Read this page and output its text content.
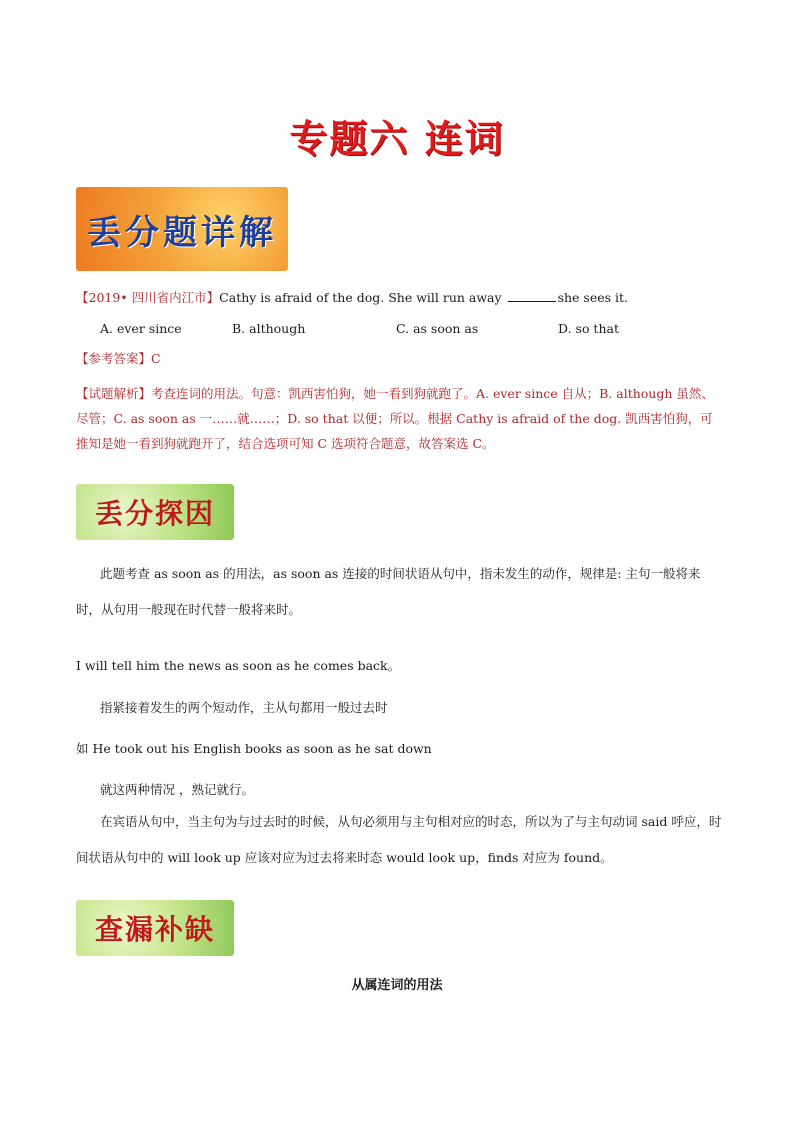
专题六 连词
丢分题详解
【2019• 四川省内江市】Cathy is afraid of the dog. She will run away	she sees it.
A. ever since	B. although	C. as soon as	D. so that
【参考答案】C
【试题解析】考查连词的用法。句意：凯西害怕狗，她一看到狗就跑了。A. ever since 自从；B. although 虽然、尽管；C. as soon as 一……就……；D. so that 以便；所以。根据 Cathy is afraid of the dog. 凯西害怕狗，可推知是她一看到狗就跑开了，结合选项可知 C 选项符合题意，故答案选 C。
丢分探因
此题考查 as soon as 的用法，as soon as 连接的时间状语从句中，指未发生的动作，规律是: 主句一般将来时，从句用一般现在时代替一般将来时。
I will tell him the news as soon as he comes back。
指紧接着发生的两个短动作，主从句都用一般过去时
如 He took out his English books as soon as he sat down
就这两种情况 ，熟记就行。
在宾语从句中，当主句为与过去时的时候，从句必须用与主句相对应的时态，所以为了与主句动词 said 呼应，时间状语从句中的 will look up 应该对应为过去将来时态 would look up，finds 对应为 found。
查漏补缺
从属连词的用法
